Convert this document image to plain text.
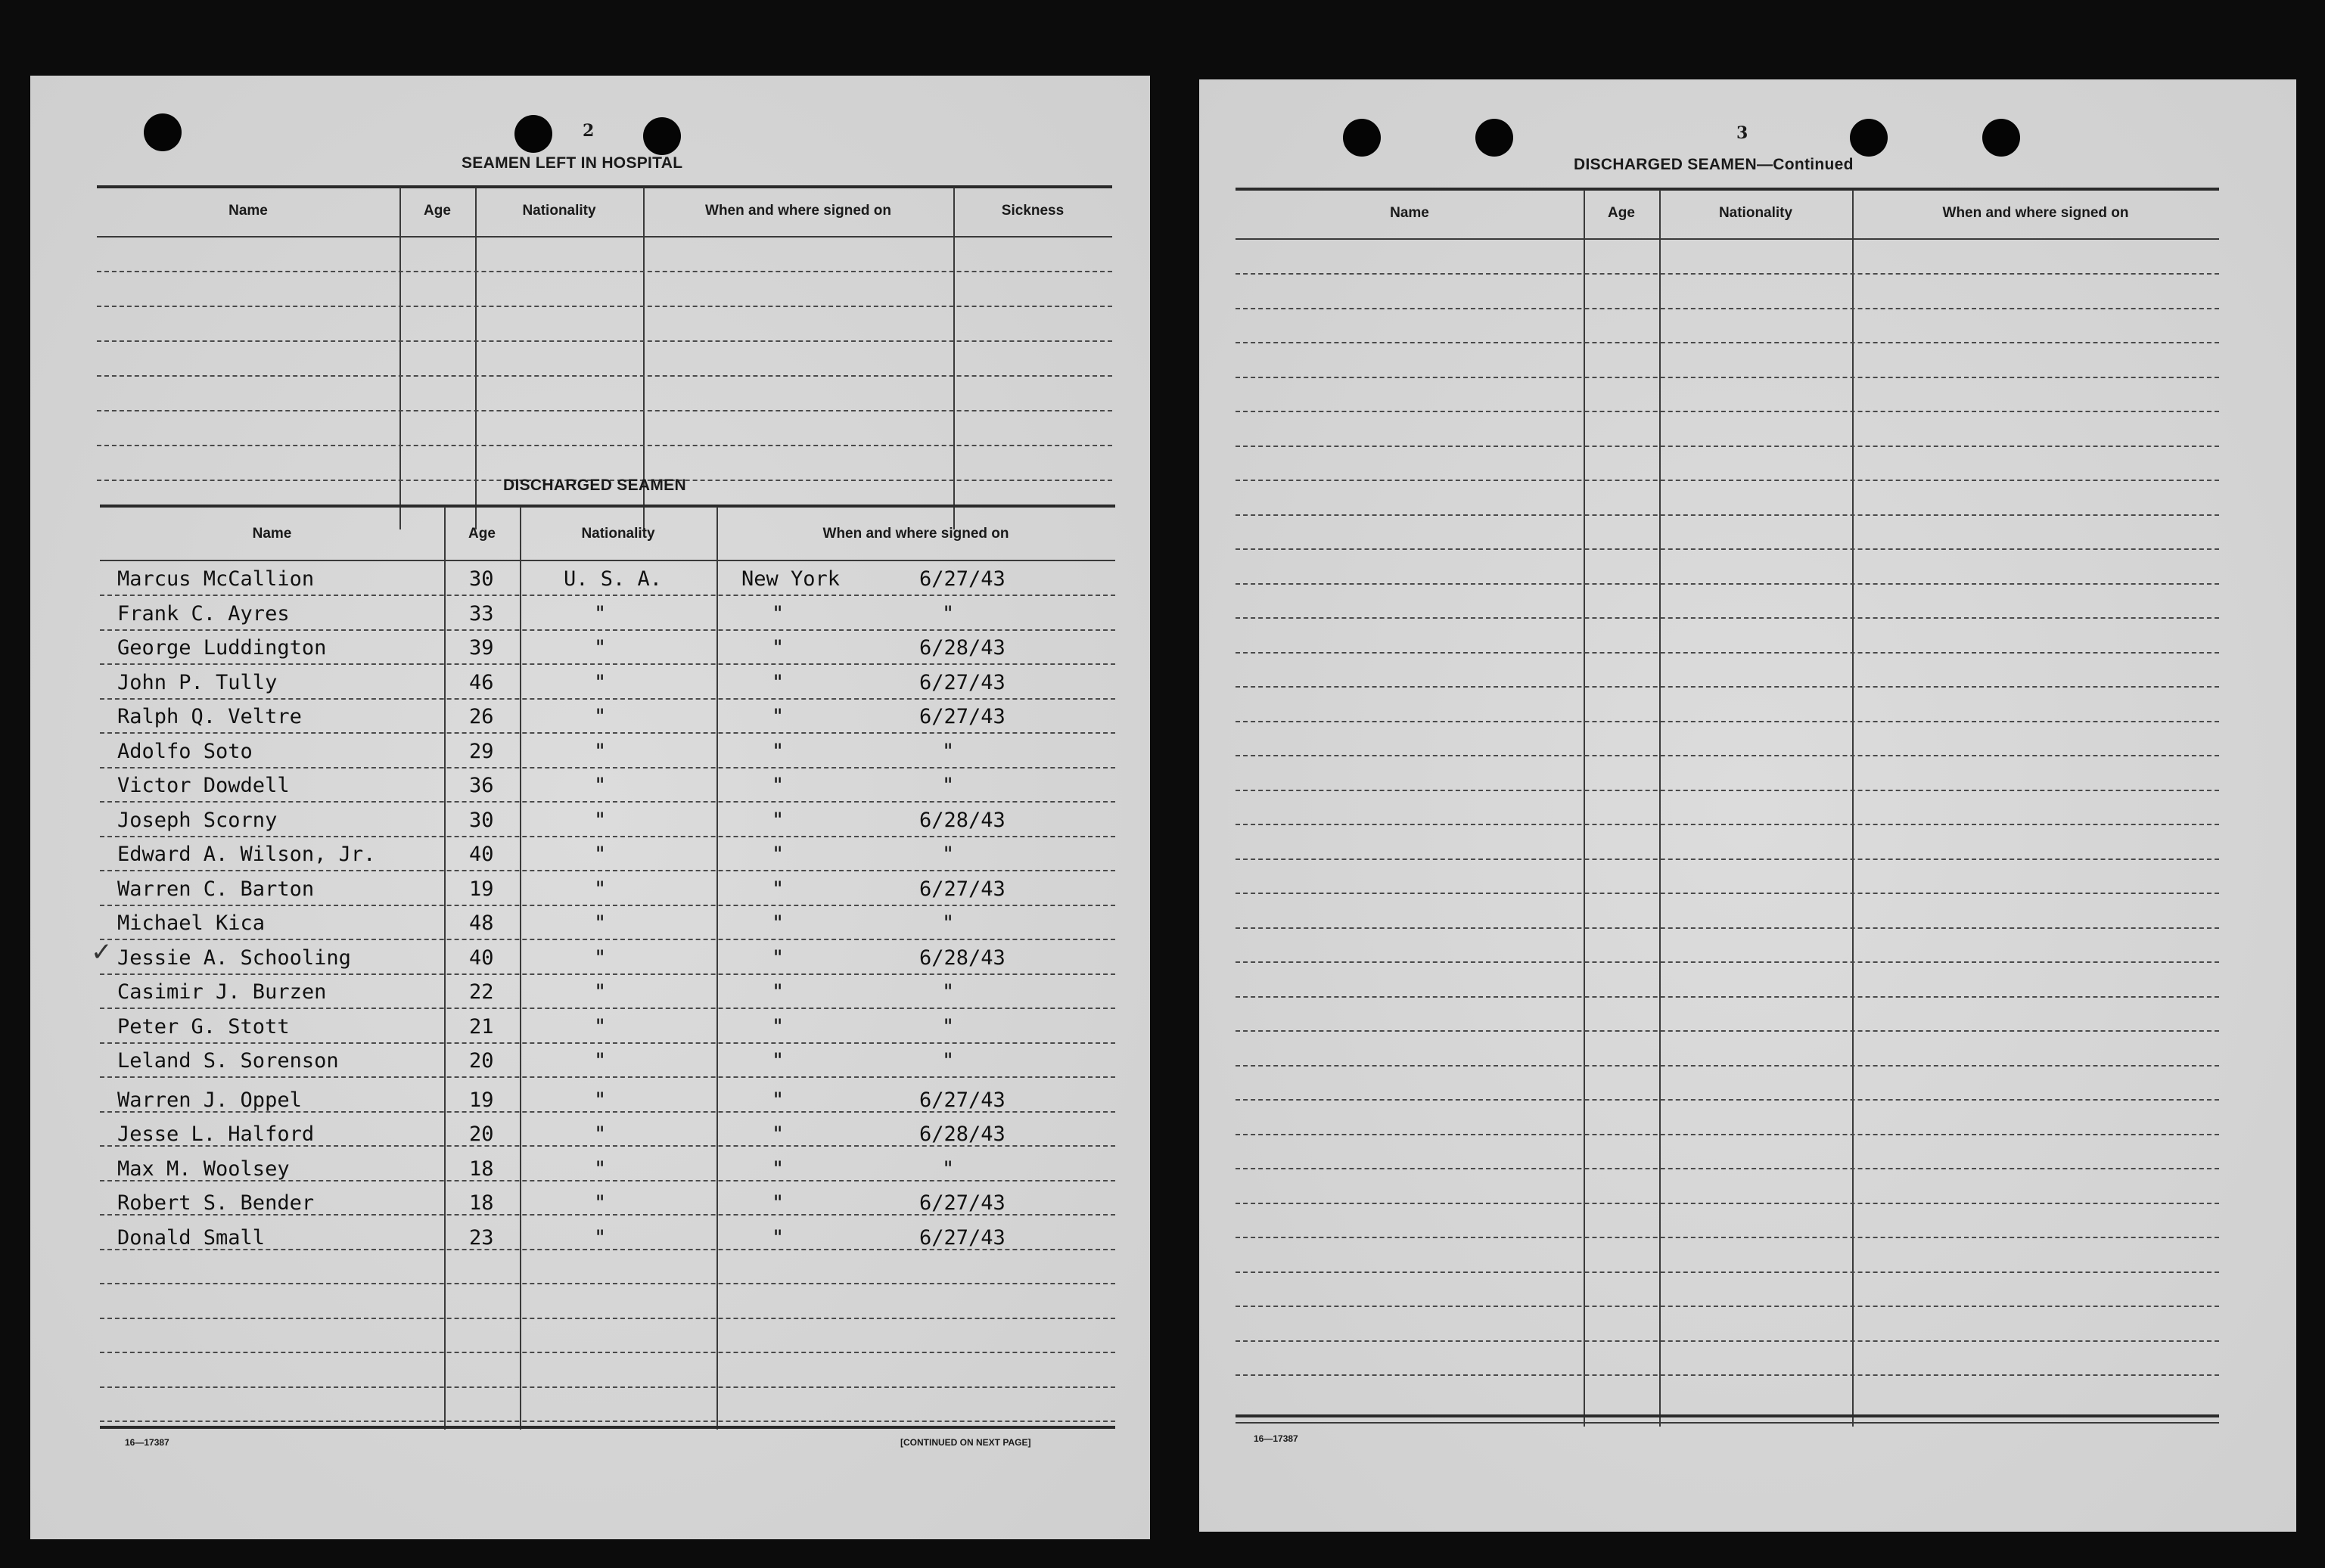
2
SEAMEN LEFT IN HOSPITAL
Name	Age	Nationality	When and where signed on	Sickness
DISCHARGED SEAMEN
Name	Age	Nationality	When and where signed on
Marcus McCallion	30	U. S. A.	New York	6/27/43
Frank C. Ayres	33	"	"	"
George Luddington	39	"	"	6/28/43
John P. Tully	46	"	"	6/27/43
Ralph Q. Veltre	26	"	"	6/27/43
Adolfo Soto	29	"	"	"
Victor Dowdell	36	"	"	"
Joseph Scorny	30	"	"	6/28/43
Edward A. Wilson, Jr.	40	"	"	"
Warren C. Barton	19	"	"	6/27/43
Michael Kica	48	"	"	"
Jessie A. Schooling	40	"	"	6/28/43
✓
Casimir J. Burzen	22	"	"	"
Peter G. Stott	21	"	"	"
Leland S. Sorenson	20	"	"	"
Warren J. Oppel	19	"	"	6/27/43
Jesse L. Halford	20	"	"	6/28/43
Max M. Woolsey	18	"	"	"
Robert S. Bender	18	"	"	6/27/43
Donald Small	23	"	"	6/27/43
16—17387	[CONTINUED ON NEXT PAGE]
3
DISCHARGED SEAMEN—Continued
Name	Age	Nationality	When and where signed on
16—17387
